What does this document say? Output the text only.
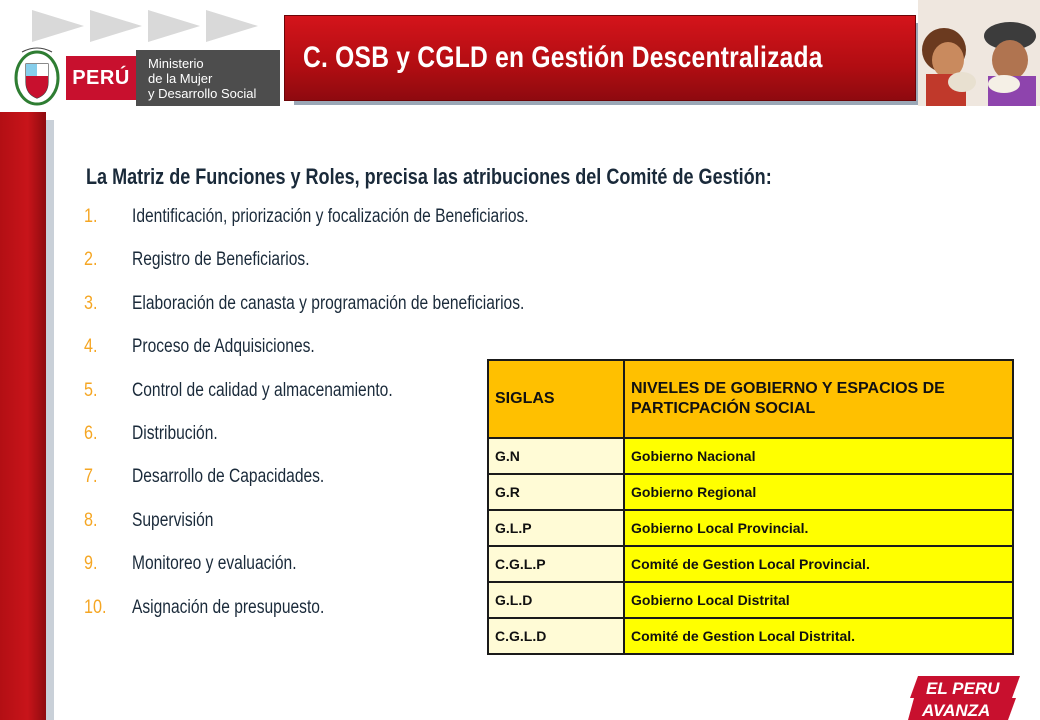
PERÚ
Ministerio
de la Mujer
y Desarrollo Social
C. OSB y CGLD en Gestión Descentralizada
La Matriz de Funciones y Roles, precisa las atribuciones del Comité de Gestión:
1. Identificación, priorización y focalización de Beneficiarios.
2. Registro de Beneficiarios.
3. Elaboración de canasta y programación de beneficiarios.
4. Proceso de Adquisiciones.
5. Control de calidad y almacenamiento.
6. Distribución.
7. Desarrollo de Capacidades.
8. Supervisión
9. Monitoreo y evaluación.
10. Asignación de presupuesto.
SIGLAS	NIVELES DE GOBIERNO Y ESPACIOS DE PARTICPACIÓN SOCIAL
G.N	Gobierno Nacional
G.R	Gobierno Regional
G.L.P	Gobierno Local Provincial.
C.G.L.P	Comité de Gestion Local Provincial.
G.L.D	Gobierno Local Distrital
C.G.L.D	Comité de Gestion Local Distrital.
EL PERU
AVANZA
